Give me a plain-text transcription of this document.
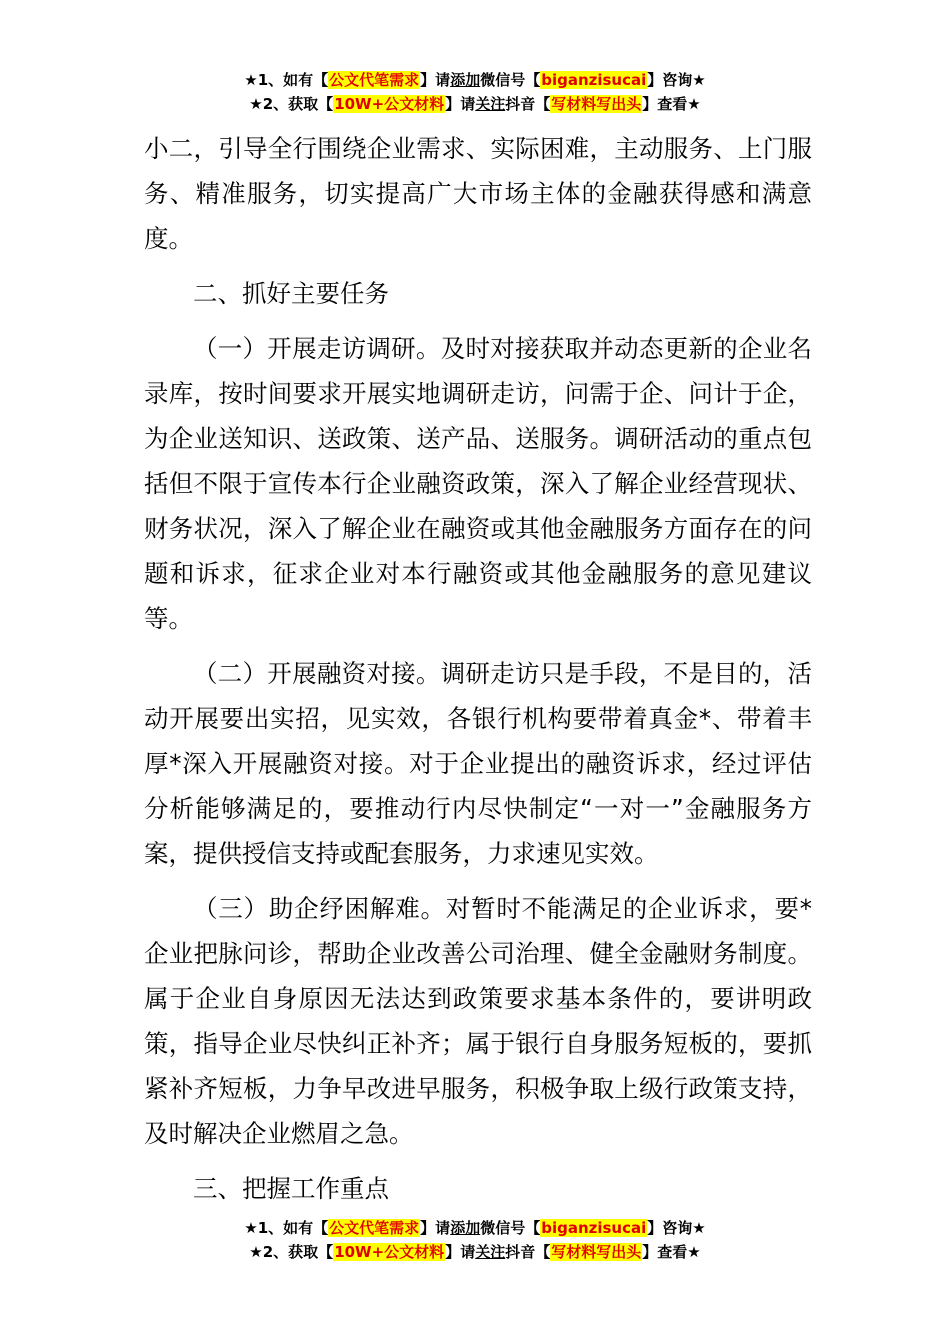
★1、如有【公文代笔需求】请添加微信号【biganzisucai】咨询★
★2、获取【10W+公文材料】请关注抖音【写材料写出头】查看★

小二，引导全行围绕企业需求、实际困难，主动服务、上门服务、精准服务，切实提高广大市场主体的金融获得感和满意度。

二、抓好主要任务

（一）开展走访调研。及时对接获取并动态更新的企业名录库，按时间要求开展实地调研走访，问需于企、问计于企，为企业送知识、送政策、送产品、送服务。调研活动的重点包括但不限于宣传本行企业融资政策，深入了解企业经营现状、财务状况，深入了解企业在融资或其他金融服务方面存在的问题和诉求，征求企业对本行融资或其他金融服务的意见建议等。

（二）开展融资对接。调研走访只是手段，不是目的，活动开展要出实招，见实效，各银行机构要带着真金*、带着丰厚*深入开展融资对接。对于企业提出的融资诉求，经过评估分析能够满足的，要推动行内尽快制定“一对一”金融服务方案，提供授信支持或配套服务，力求速见实效。

（三）助企纾困解难。对暂时不能满足的企业诉求，要*企业把脉问诊，帮助企业改善公司治理、健全金融财务制度。属于企业自身原因无法达到政策要求基本条件的，要讲明政策，指导企业尽快纠正补齐；属于银行自身服务短板的，要抓紧补齐短板，力争早改进早服务，积极争取上级行政策支持，及时解决企业燃眉之急。

三、把握工作重点

★1、如有【公文代笔需求】请添加微信号【biganzisucai】咨询★
★2、获取【10W+公文材料】请关注抖音【写材料写出头】查看★
